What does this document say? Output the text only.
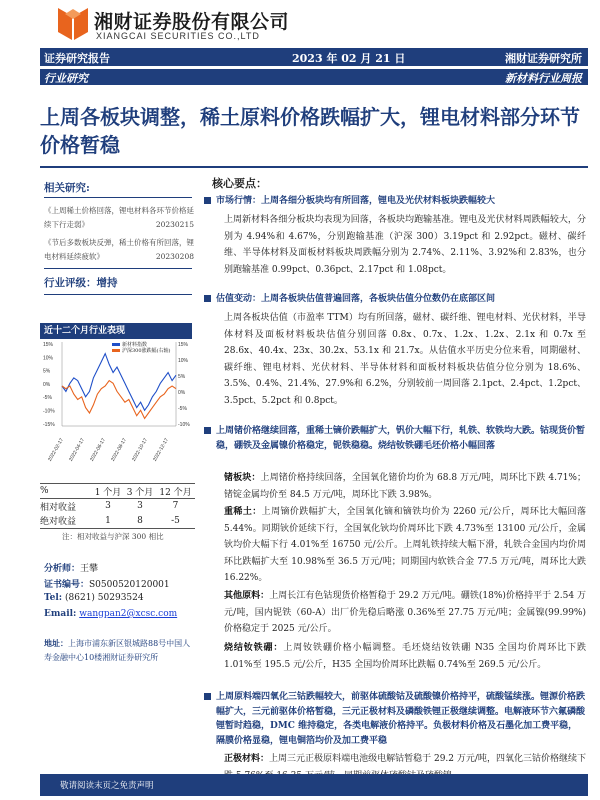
湘财证券股份有限公司
XIANGCAI SECURITIES CO.,LTD
证券研究报告	2023 年 02 月 21 日	湘财证券研究所
行业研究	新材料行业周报
上周各板块调整，稀土原料价格跌幅扩大，锂电材料部分环节价格暂稳
相关研究:
《上周稀土价格回落，锂电材料各环节价格延续下行走弱》	20230215
《节后多数板块反弹，稀土价格有所回落，锂电材料延续疲软》	20230208
行业评级：增持
近十二个月行业表现
15%
10%
5%
0%
-5%
-10%
-15%
15%
10%
5%
0%
-5%
-10%
2022-02-17 2022-04-17 2022-06-17 2022-08-17 2022-10-17 2022-12-17
新材料指数
沪深300涨跌幅(右轴)
%	1 个月	3 个月	12 个月
相对收益	3	3	7
绝对收益	1	8	-5
注：相对收益与沪深 300 相比
分析师：王攀
证书编号：S0500520120001
Tel: (8621) 50293524
Email: wangpan2@xcsc.com
地址：上海市浦东新区银城路88号中国人寿金融中心10楼湘财证券研究所
核心要点：
市场行情：上周各细分板块均有所回落，锂电及光伏材料板块跌幅较大
上周新材料各细分板块均表现为回落，各板块均跑输基准。锂电及光伏材料周跌幅较大，分别为 4.94%和 4.67%，分别跑输基准（沪深 300）3.19pct 和 2.92pct。磁材、碳纤维、半导体材料及面板材料板块周跌幅分别为 2.74%、2.11%、3.92%和 2.83%，也分别跑输基准 0.99pct、0.36pct、2.17pct 和 1.08pct。
估值变动：上周各板块估值普遍回落，各板块估值分位数仍在底部区间
上周各板块估值（市盈率 TTM）均有所回落，磁材、碳纤维、锂电材料、光伏材料，半导体材料及面板材料板块估值分别回落 0.8x、0.7x、1.2x、1.2x、2.1x 和 0.7x 至 28.6x、40.4x、23x、30.2x、53.1x 和 21.7x。从估值水平历史分位来看，同期磁材、碳纤维、锂电材料、光伏材料、半导体材料和面板材料板块估值分位分别为 18.6%、3.5%、0.4%、21.4%、27.9%和 6.2%，分别较前一周回落 2.1pct、2.4pct、1.2pct、3.5pct、5.2pct 和 0.8pct。
上周锗价格继续回落，重稀土镝价跌幅扩大，钒价大幅下行，轧铁、软铁均大跌。钴现货价暂稳，硼铁及金属镍价格稳定，铌铁稳稳。烧结钕铁硼毛坯价格小幅回落
锗板块：上周锗价格持续回落，全国氧化锗价均价为 68.8 万元/吨，周环比下跌 4.71%；锗锭金属均价至 84.5 万元/吨，周环比下跌 3.98%。
重稀土：上周镝价跌幅扩大，全国氧化镝和镝铁均价为 2260 元/公斤，周环比大幅回落 5.44%。同期钬价延续下行，全国氧化钬均价周环比下跌 4.73%至 13100 元/公斤，金属钬均价大幅下行 4.01%至 16750 元/公斤。上周轧铁持续大幅下滑，轧铁合金国内均价周环比跌幅扩大至 10.98%至 36.5 万元/吨；同期国内软铁合金 77.5 万元/吨，周环比大跌 16.22%。
其他原料：上周长江有色钴现货价格暂稳于 29.2 万元/吨。硼铁(18%)价格持平于 2.54 万元/吨，国内铌铁（60-A）出厂价先稳后略涨 0.36%至 27.75 万元/吨；金属镍(99.99%)价格稳定于 2025 元/公斤。
烧结钕铁硼：上周钕铁硼价格小幅调整。毛坯烧结钕铁硼 N35 全国均价周环比下跌 1.01%至 195.5 元/公斤，H35 全国均价周环比跌幅 0.74%至 269.5 元/公斤。
上周原料端四氧化三钴跌幅较大，前驱体硫酸钴及硫酸镍价格持平，硫酸锰续涨。锂源价格跌幅扩大，三元前驱体价格暂稳，三元正极材料及磷酸铁锂正极继续调整。电解液环节六氟磷酸锂暂时趋稳，DMC 维持稳定，各类电解液价格持平。负极材料价格及石墨化加工费平稳，隔膜价格显稳，锂电铜箔均价及加工费平稳
正极材料：上周三元正极原料端电池级电解钴暂稳于 29.2 万元/吨，四氧化三钴价格继续下
敬请阅读末页之免责声明
